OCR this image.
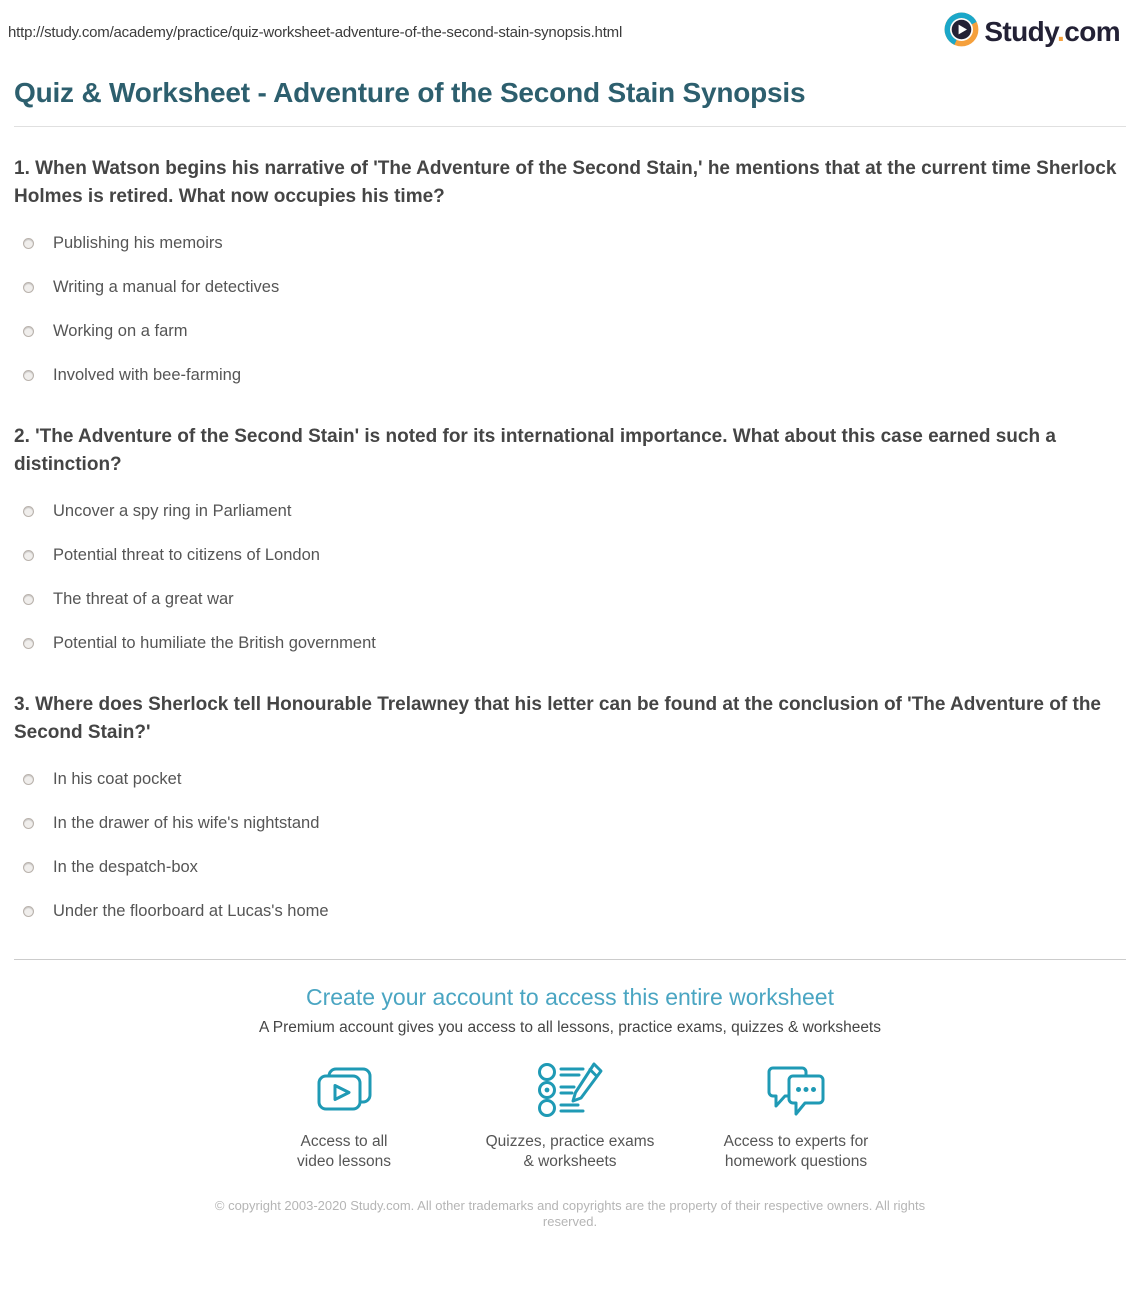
http://study.com/academy/practice/quiz-worksheet-adventure-of-the-second-stain-synopsis.html	Study.com
Quiz & Worksheet - Adventure of the Second Stain Synopsis
1. When Watson begins his narrative of 'The Adventure of the Second Stain,' he mentions that at the current time Sherlock Holmes is retired. What now occupies his time?
Publishing his memoirs
Writing a manual for detectives
Working on a farm
Involved with bee-farming
2. 'The Adventure of the Second Stain' is noted for its international importance. What about this case earned such a distinction?
Uncover a spy ring in Parliament
Potential threat to citizens of London
The threat of a great war
Potential to humiliate the British government
3. Where does Sherlock tell Honourable Trelawney that his letter can be found at the conclusion of 'The Adventure of the Second Stain?'
In his coat pocket
In the drawer of his wife's nightstand
In the despatch-box
Under the floorboard at Lucas's home
Create your account to access this entire worksheet
A Premium account gives you access to all lessons, practice exams, quizzes & worksheets
Access to all
video lessons
Quizzes, practice exams
& worksheets
Access to experts for
homework questions
© copyright 2003-2020 Study.com. All other trademarks and copyrights are the property of their respective owners. All rights reserved.
